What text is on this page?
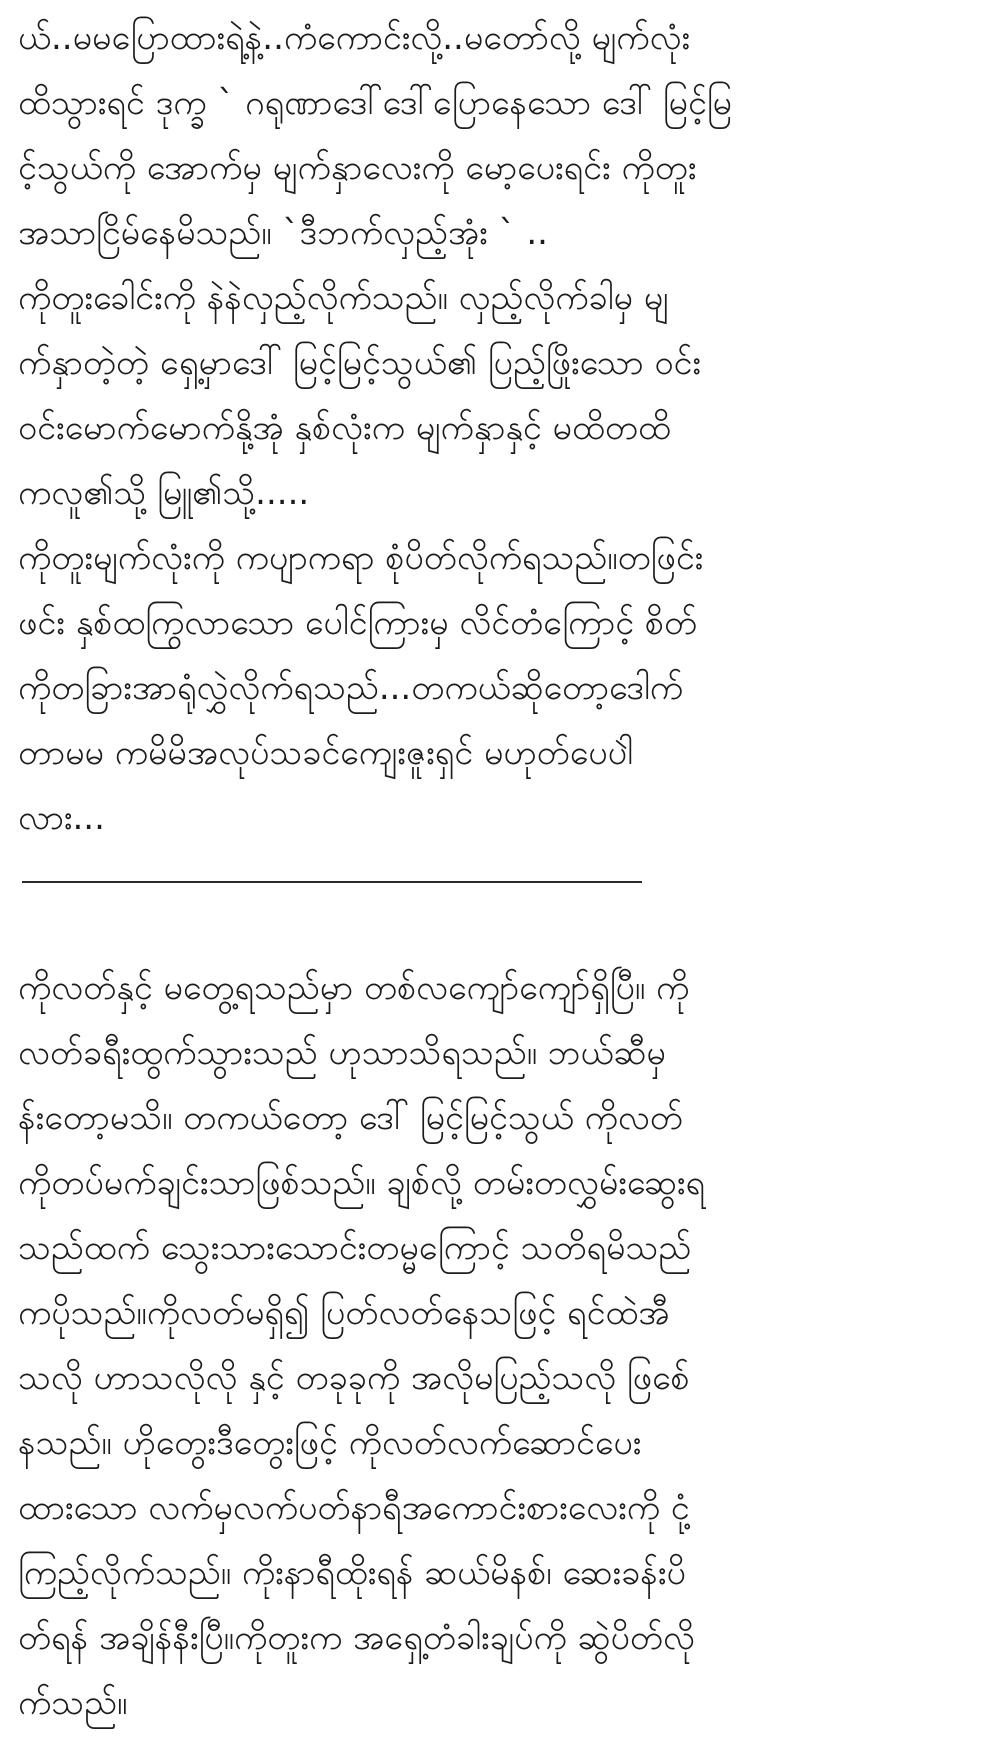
ယ်..မမပြောထားရဲ့နဲ့..ကံကောင်းလို့..မတော်လို့ မျက်လုံး
ထိသွားရင် ဒုက္ခ ` ဂရုဏာဒေါ်ဒေါ်ပြောနေသော ဒေါ် မြင့်မြ
င့်သွယ်ကို အောက်မှ မျက်နှာလေးကို မော့ပေးရင်း ကိုတူး
အသာငြိမ်နေမိသည်။ `ဒီဘက်လှည့်အုံး ` ..
ကိုတူးခေါင်းကို နဲနဲလှည့်လိုက်သည်။ လှည့်လိုက်ခါမှ မျ
က်နှာတဲ့တဲ့ ရှေ့မှာဒေါ် မြင့်မြင့်သွယ်၏ ပြည့်ဖြိုးသော ဝင်း
ဝင်းမောက်မောက်နို့အုံ နှစ်လုံးက မျက်နှာနှင့် မထိတထိ
ကလူ၏သို့ မြူ၏သို့.....
ကိုတူးမျက်လုံးကို ကပျာကရာ စုံပိတ်လိုက်ရသည်။တဖြင်း
ဖင်း နှစ်ထကြွလာသော ပေါင်ကြားမှ လိင်တံကြောင့် စိတ်
ကိုတခြားအာရုံလွှဲလိုက်ရသည်...တကယ်ဆိုတော့ဒေါက်
တာမမ ကမိမိအလုပ်သခင်ကျေးဇူးရှင် မဟုတ်ပေပါဲ
လား...
ကိုလတ်နှင့် မတွေ့ရသည်မှာ တစ်လကျော်ကျော်ရှိပြီ။ ကို
လတ်ခရီးထွက်သွားသည် ဟုသာသိရသည်။ ဘယ်ဆီမှ
န်းတော့မသိ။ တကယ်တော့ ဒေါ် မြင့်မြင့်သွယ် ကိုလတ်
ကိုတပ်မက်ချင်းသာဖြစ်သည်။ ချစ်လို့ တမ်းတလွှမ်းဆွေးရ
သည်ထက် သွေးသားသောင်းတမ္မကြောင့် သတိရမိသည်
ကပိုသည်။ကိုလတ်မရှိ၍ ပြတ်လတ်နေသဖြင့် ရင်ထဲအီ
သလို ဟာသလိုလို နှင့် တခုခုကို အလိုမပြည့်သလို ဖြစ်ေ
နသည်။ ဟိုတွေးဒီတွေးဖြင့် ကိုလတ်လက်ဆောင်ပေး
ထားသော လက်မှလက်ပတ်နာရီအကောင်းစားလေးကို ငုံ့
ကြည့်လိုက်သည်။ ကိုးနာရီထိုးရန် ဆယ်မိနစ်၊ ဆေးခန်းပိ
တ်ရန် အချိန်နီးပြီ။ကိုတူးက အရှေ့တံခါးချပ်ကို ဆွဲပိတ်လို
က်သည်။
